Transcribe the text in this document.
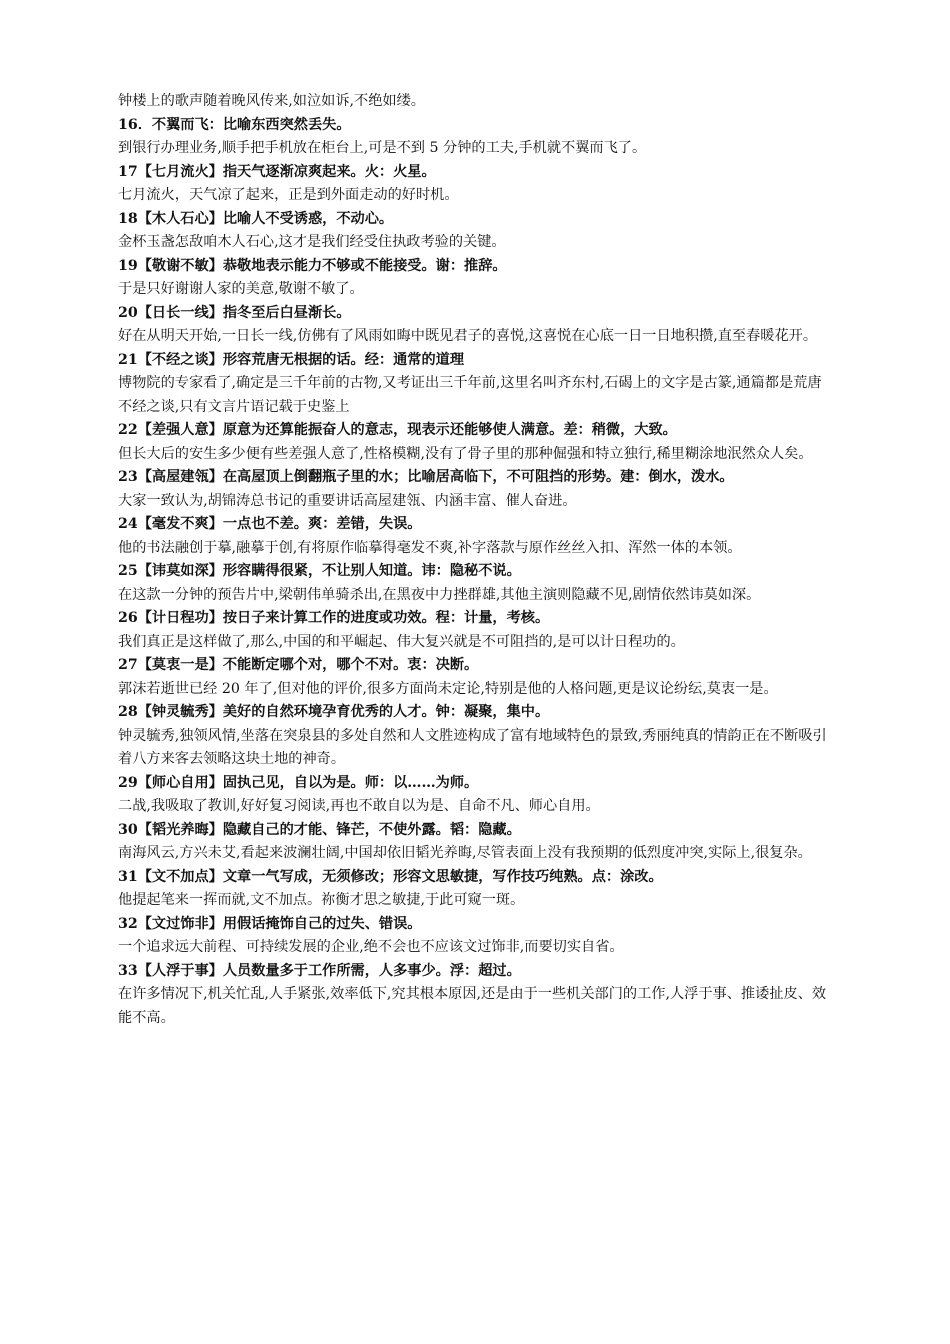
钟楼上的歌声随着晚风传来,如泣如诉,不绝如缕。

16．不翼而飞：比喻东西突然丢失。

到银行办理业务,顺手把手机放在柜台上,可是不到 5 分钟的工夫,手机就不翼而飞了。

17【七月流火】指天气逐渐凉爽起来。火：火星。

七月流火，天气凉了起来，正是到外面走动的好时机。

18【木人石心】比喻人不受诱惑，不动心。

金杯玉盏怎敌咱木人石心,这才是我们经受住执政考验的关键。

19【敬谢不敏】恭敬地表示能力不够或不能接受。谢：推辞。

于是只好谢谢人家的美意,敬谢不敏了。

20【日长一线】指冬至后白昼渐长。

好在从明天开始,一日长一线,仿佛有了风雨如晦中既见君子的喜悦,这喜悦在心底一日一日地积攒,直至春暖花开。

21【不经之谈】形容荒唐无根据的话。经：通常的道理

博物院的专家看了,确定是三千年前的古物,又考证出三千年前,这里名叫齐东村,石碣上的文字是古篆,通篇都是荒唐不经之谈,只有文言片语记载于史鉴上

22【差强人意】原意为还算能振奋人的意志，现表示还能够使人满意。差：稍微，大致。

但长大后的安生多少便有些差强人意了,性格模糊,没有了骨子里的那种倔强和特立独行,稀里糊涂地泯然众人矣。

23【高屋建瓴】在高屋顶上倒翻瓶子里的水；比喻居高临下，不可阻挡的形势。建：倒水，泼水。

大家一致认为,胡锦涛总书记的重要讲话高屋建瓴、内涵丰富、催人奋进。

24【毫发不爽】一点也不差。爽：差错，失误。

他的书法融创于摹,融摹于创,有将原作临摹得毫发不爽,补字落款与原作丝丝入扣、浑然一体的本领。

25【讳莫如深】形容瞒得很紧，不让别人知道。讳：隐秘不说。

在这款一分钟的预告片中,梁朝伟单骑杀出,在黑夜中力挫群雄,其他主演则隐藏不见,剧情依然讳莫如深。

26【计日程功】按日子来计算工作的进度或功效。程：计量，考核。

我们真正是这样做了,那么,中国的和平崛起、伟大复兴就是不可阻挡的,是可以计日程功的。

27【莫衷一是】不能断定哪个对，哪个不对。衷：决断。

郭沫若逝世已经 20 年了,但对他的评价,很多方面尚未定论,特别是他的人格问题,更是议论纷纭,莫衷一是。

28【钟灵毓秀】美好的自然环境孕育优秀的人才。钟：凝聚，集中。

钟灵毓秀,独领风情,坐落在突泉县的多处自然和人文胜迹构成了富有地域特色的景致,秀丽纯真的情韵正在不断吸引着八方来客去领略这块土地的神奇。

29【师心自用】固执己见，自以为是。师：以……为师。

二战,我吸取了教训,好好复习阅读,再也不敢自以为是、自命不凡、师心自用。

30【韬光养晦】隐藏自己的才能、锋芒，不使外露。韬：隐藏。

南海风云,方兴未艾,看起来波澜壮阔,中国却依旧韬光养晦,尽管表面上没有我预期的低烈度冲突,实际上,很复杂。

31【文不加点】文章一气写成，无须修改；形容文思敏捷，写作技巧纯熟。点：涂改。

他提起笔来一挥而就,文不加点。祢衡才思之敏捷,于此可窥一斑。

32【文过饰非】用假话掩饰自己的过失、错误。

一个追求远大前程、可持续发展的企业,绝不会也不应该文过饰非,而要切实自省。

33【人浮于事】人员数量多于工作所需，人多事少。浮：超过。

在许多情况下,机关忙乱,人手紧张,效率低下,究其根本原因,还是由于一些机关部门的工作,人浮于事、推诿扯皮、效能不高。
